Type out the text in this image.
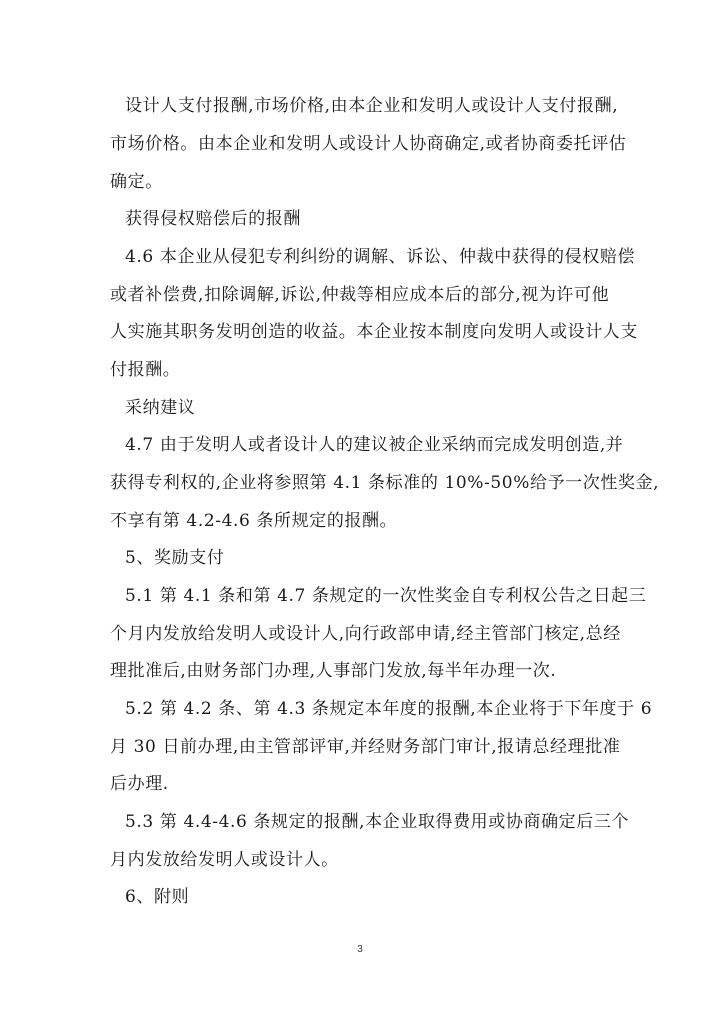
设计人支付报酬,市场价格,由本企业和发明人或设计人支付报酬,
市场价格。由本企业和发明人或设计人协商确定,或者协商委托评估
确定。
获得侵权赔偿后的报酬
4.6 本企业从侵犯专利纠纷的调解、诉讼、仲裁中获得的侵权赔偿
或者补偿费,扣除调解,诉讼,仲裁等相应成本后的部分,视为许可他
人实施其职务发明创造的收益。本企业按本制度向发明人或设计人支
付报酬。
采纳建议
4.7 由于发明人或者设计人的建议被企业采纳而完成发明创造,并
获得专利权的,企业将参照第 4.1 条标准的 10%-50%给予一次性奖金,
不享有第 4.2-4.6 条所规定的报酬。
5、奖励支付
5.1 第 4.1 条和第 4.7 条规定的一次性奖金自专利权公告之日起三
个月内发放给发明人或设计人,向行政部申请,经主管部门核定,总经
理批准后,由财务部门办理,人事部门发放,每半年办理一次.
5.2 第 4.2 条、第 4.3 条规定本年度的报酬,本企业将于下年度于 6
月 30 日前办理,由主管部评审,并经财务部门审计,报请总经理批准
后办理.
5.3 第 4.4-4.6 条规定的报酬,本企业取得费用或协商确定后三个
月内发放给发明人或设计人。
6、附则
3
